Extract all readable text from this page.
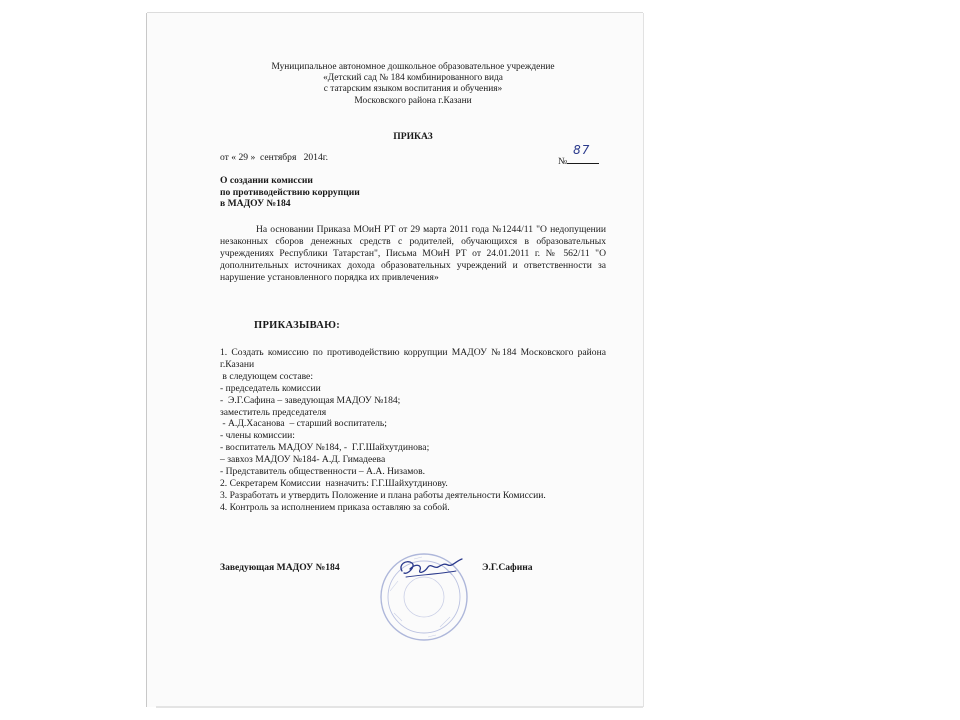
Муниципальное автономное дошкольное образовательное учреждение
«Детский сад № 184 комбинированного вида
с татарским языком воспитания и обучения»
Московского района г.Казани
ПРИКАЗ
от « 29 »  сентября   2014г.	№
87
О создании комиссии
по противодействию коррупции
в МАДОУ №184
На основании Приказа МОиН РТ от 29 марта 2011 года №1244/11 "О недопущении незаконных сборов денежных средств с родителей, обучающихся в образовательных учреждениях Республики Татарстан", Письма МОиН РТ от 24.01.2011 г. № 562/11 "О дополнительных источниках дохода образовательных учреждений и ответственности за нарушение установленного порядка их привлечения»
ПРИКАЗЫВАЮ:
1. Создать комиссию по противодействию коррупции МАДОУ №184 Московского района г.Казани
в следующем составе:
- председатель комиссии
-  Э.Г.Сафина – заведующая МАДОУ №184;
заместитель председателя
- А.Д.Хасанова  – старший воспитатель;
- члены комиссии:
- воспитатель МАДОУ №184, -  Г.Г.Шайхутдинова;
– завхоз МАДОУ №184- А.Д. Гимадеева
- Представитель общественности – А.А. Низамов.
2. Секретарем Комиссии  назначить: Г.Г.Шайхутдинову.
3. Разработать и утвердить Положение и плана работы деятельности Комиссии.
4. Контроль за исполнением приказа оставляю за собой.
Заведующая МАДОУ №184	Э.Г.Сафина
